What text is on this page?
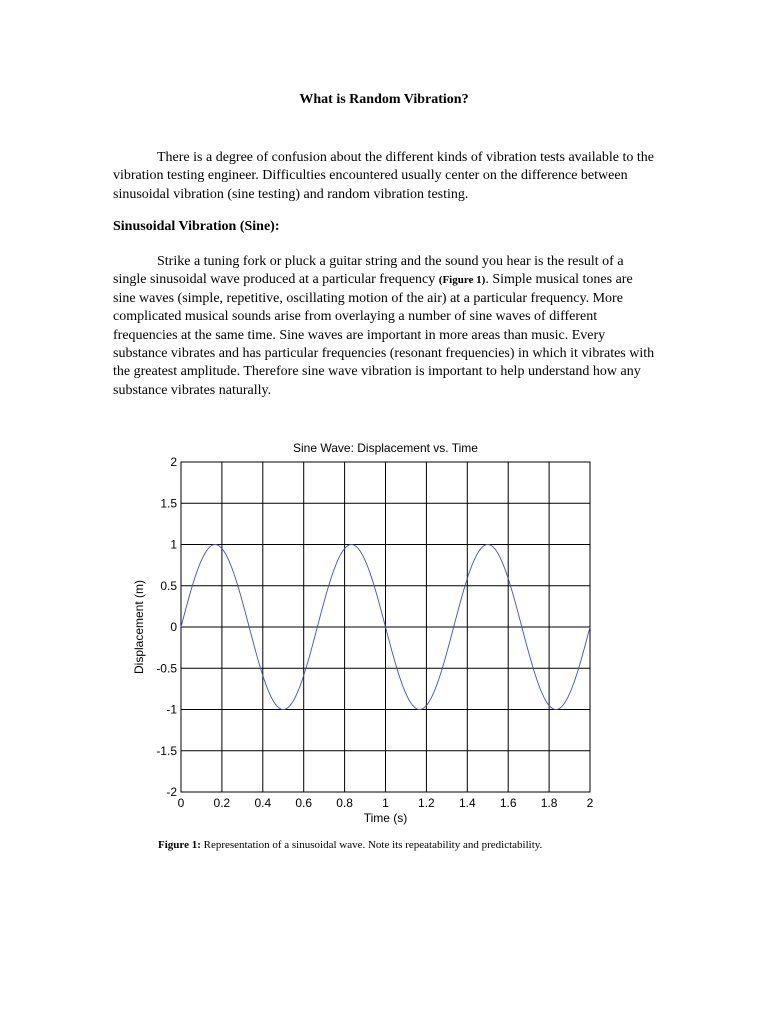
What is Random Vibration?

There is a degree of confusion about the different kinds of vibration tests available to the vibration testing engineer. Difficulties encountered usually center on the difference between sinusoidal vibration (sine testing) and random vibration testing.

Sinusoidal Vibration (Sine):

Strike a tuning fork or pluck a guitar string and the sound you hear is the result of a single sinusoidal wave produced at a particular frequency (Figure 1). Simple musical tones are sine waves (simple, repetitive, oscillating motion of the air) at a particular frequency. More complicated musical sounds arise from overlaying a number of sine waves of different frequencies at the same time. Sine waves are important in more areas than music. Every substance vibrates and has particular frequencies (resonant frequencies) in which it vibrates with the greatest amplitude. Therefore sine wave vibration is important to help understand how any substance vibrates naturally.

0 0.2 0.4 0.6 0.8 1 1.2 1.4 1.6 1.8 2
2
1.5
1
0.5
0
-0.5
-1
-1.5
-2
Sine Wave: Displacement vs. Time
Time (s)
Displacement (m)
Figure 1: Representation of a sinusoidal wave. Note its repeatability and predictability.
